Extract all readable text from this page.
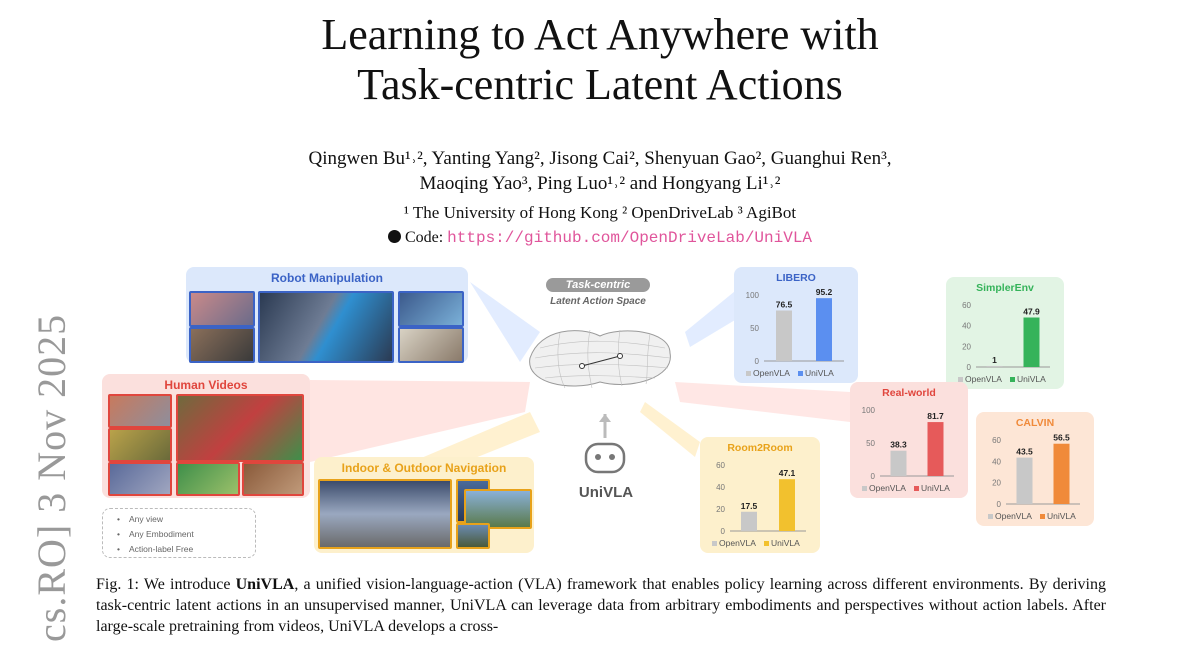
Learning to Act Anywhere with
Task-centric Latent Actions
Qingwen Bu¹˒², Yanting Yang², Jisong Cai², Shenyuan Gao², Guanghui Ren³,
Maoqing Yao³, Ping Luo¹˒² and Hongyang Li¹˒²
¹ The University of Hong Kong ² OpenDriveLab ³ AgiBot
Code: https://github.com/OpenDriveLab/UniVLA
cs.RO] 3 Nov 2025
Robot Manipulation
Human Videos
Any view
Any Embodiment
Action-label Free
•
•
•
Indoor & Outdoor Navigation
Task-centric
Latent Action Space
UniVLA
LIBERO
0
50
100
76.5
95.2
OpenVLA UniVLA
SimplerEnv
0
20
40
60
1
47.9
OpenVLA UniVLA
Real-world
0
50
100
38.3
81.7
OpenVLA UniVLA
CALVIN
0
20
40
60
43.5
56.5
OpenVLA UniVLA
Room2Room
0
20
40
60
17.5
47.1
OpenVLA UniVLA
Fig. 1: We introduce UniVLA, a unified vision-language-action (VLA) framework that enables policy learning across different environments. By deriving task-centric latent actions in an unsupervised manner, UniVLA can leverage data from arbitrary embodiments and perspectives without action labels. After large-scale pretraining from videos, UniVLA develops a cross-
